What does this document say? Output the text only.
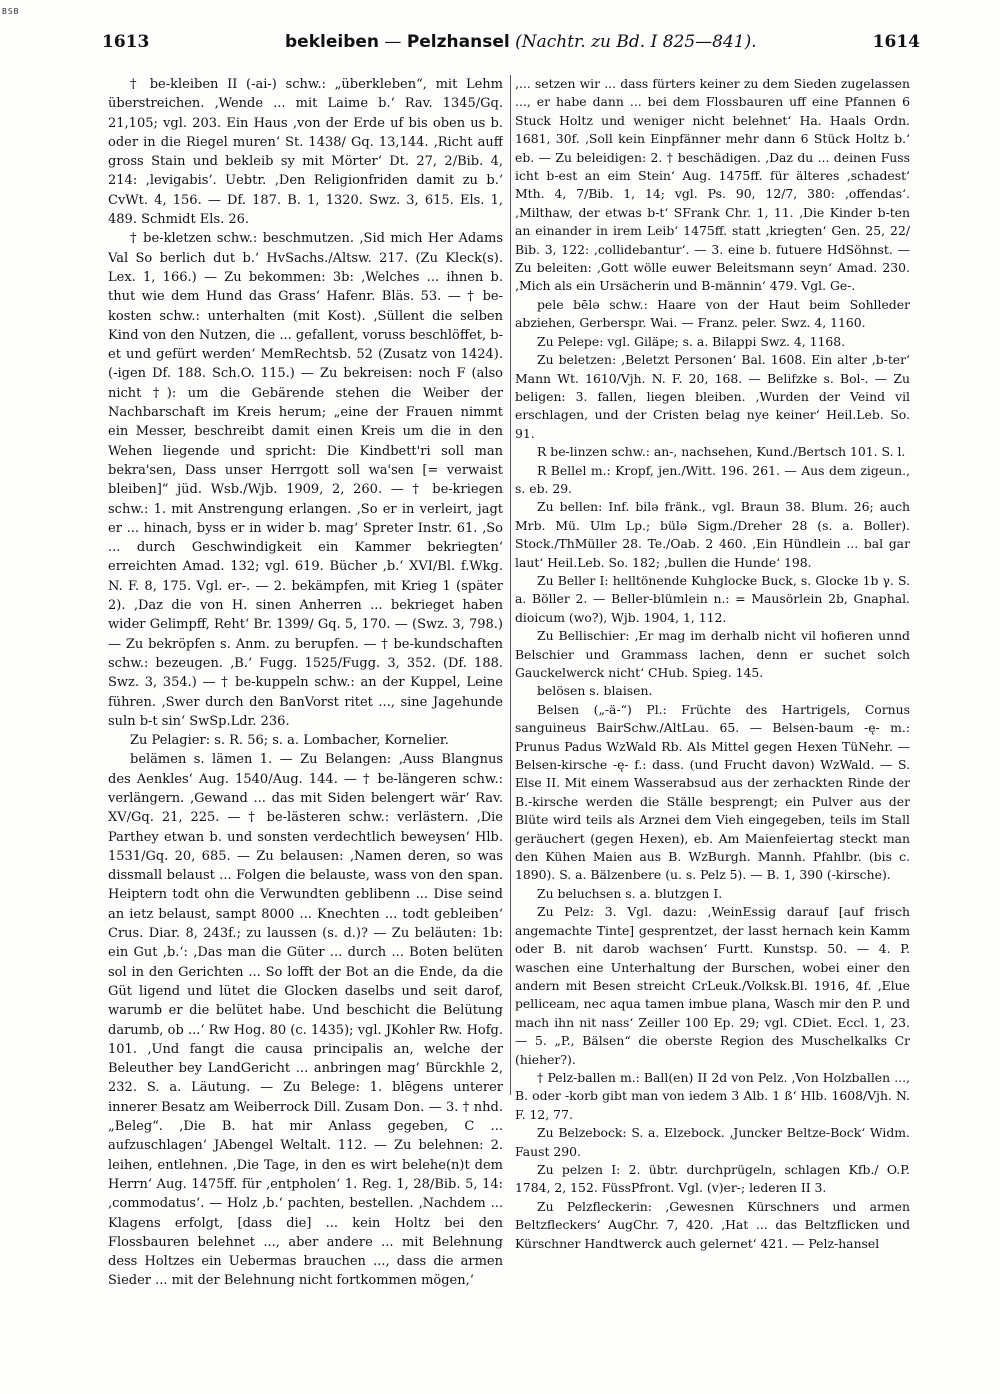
BSB
1613	bekleiben — Pelzhansel (Nachtr. zu Bd. I 825—841).	1614

† be-kleiben II (-ai-) schw.: „überkleben“, mit Lehm überstreichen. ‚Wende ... mit Laime b.‘ Rav. 1345/Gq. 21,105; vgl. 203. Ein Haus ‚von der Erde uf bis oben us b. oder in die Riegel muren‘ St. 1438/ Gq. 13,144. ‚Richt auff gross Stain und bekleib sy mit Mörter‘ Dt. 27, 2/Bib. 4, 214: ‚levigabis‘. Uebtr. ‚Den Religionfriden damit zu b.‘ CvWt. 4, 156. — Df. 187. B. 1, 1320. Swz. 3, 615. Els. 1, 489. Schmidt Els. 26.

† be-kletzen schw.: beschmutzen. ‚Sid mich Her Adams Val So berlich dut b.‘ HvSachs./Altsw. 217. (Zu Kleck(s). Lex. 1, 166.) — Zu bekommen: 3b: ‚Welches ... ihnen b. thut wie dem Hund das Grass‘ Hafenr. Bläs. 53. — † be-kosten schw.: unterhalten (mit Kost). ‚Süllent die selben Kind von den Nutzen, die ... gefallent, voruss beschlöffet, b-et und gefürt werden‘ MemRechtsb. 52 (Zusatz von 1424). (-igen Df. 188. Sch.O. 115.) — Zu bekreisen: noch F (also nicht †): um die Gebärende stehen die Weiber der Nachbarschaft im Kreis herum; „eine der Frauen nimmt ein Messer, beschreibt damit einen Kreis um die in den Wehen liegende und spricht: Die Kindbett'ri soll man bekra'sen, Dass unser Herrgott soll wa'sen [= verwaist bleiben]“ jüd. Wsb./Wjb. 1909, 2, 260. — † be-kriegen schw.: 1. mit Anstrengung erlangen. ‚So er in verleirt, jagt er ... hinach, byss er in wider b. mag‘ Spreter Instr. 61. ‚So ... durch Geschwindigkeit ein Kammer bekriegten‘ erreichten Amad. 132; vgl. 619. Bücher ‚b.‘ XVI/Bl. f.Wkg. N. F. 8, 175. Vgl. er-. — 2. bekämpfen, mit Krieg 1 (später 2). ‚Daz die von H. sinen Anherren ... bekrieget haben wider Gelimpff, Reht‘ Br. 1399/ Gq. 5, 170. — (Swz. 3, 798.) — Zu bekröpfen s. Anm. zu berupfen. — † be-kundschaften schw.: bezeugen. ‚B.‘ Fugg. 1525/Fugg. 3, 352. (Df. 188. Swz. 3, 354.) — † be-kuppeln schw.: an der Kuppel, Leine führen. ‚Swer durch den BanVorst ritet ..., sine Jagehunde suln b-t sin‘ SwSp.Ldr. 236.

Zu Pelagier: s. R. 56; s. a. Lombacher, Kornelier.

belämen s. lämen 1. — Zu Belangen: ‚Auss Blangnus des Aenkles‘ Aug. 1540/Aug. 144. — † be-längeren schw.: verlängern. ‚Gewand ... das mit Siden belengert wär‘ Rav. XV/Gq. 21, 225. — † be-lästeren schw.: verlästern. ‚Die Parthey etwan b. und sonsten verdechtlich beweysen‘ Hlb. 1531/Gq. 20, 685. — Zu belausen: ‚Namen deren, so was dissmall belaust ... Folgen die belauste, wass von den span. Heiptern todt ohn die Verwundten geblibenn ... Dise seind an ietz belaust, sampt 8000 ... Knechten ... todt gebleiben‘ Crus. Diar. 8, 243f.; zu laussen (s. d.)? — Zu beläuten: 1b: ein Gut ‚b.‘: ‚Das man die Güter ... durch ... Boten belüten sol in den Gerichten ... So lofft der Bot an die Ende, da die Güt ligend und lütet die Glocken daselbs und seit darof, warumb er die belütet habe. Und beschicht die Belütung darumb, ob ...‘ Rw Hog. 80 (c. 1435); vgl. JKohler Rw. Hofg. 101. ‚Und fangt die causa principalis an, welche der Beleuther bey LandGericht ... anbringen mag‘ Bürckhle 2, 232. S. a. Läutung. — Zu Belege: 1. blēgens unterer innerer Besatz am Weiberrock Dill. Zusam Don. — 3. † nhd. „Beleg“. ‚Die B. hat mir Anlass gegeben, C ... aufzuschlagen‘ JAbengel Weltalt. 112. — Zu belehnen: 2. leihen, entlehnen. ‚Die Tage, in den es wirt belehe(n)t dem Herrn‘ Aug. 1475ff. für ‚entpholen‘ 1. Reg. 1, 28/Bib. 5, 14: ‚commodatus‘. — Holz ‚b.‘ pachten, bestellen. ‚Nachdem ... Klagens erfolgt, [dass die] ... kein Holtz bei den Flossbauren belehnet ..., aber andere ... mit Belehnung dess Holtzes ein Uebermas brauchen ..., dass die armen Sieder ... mit der Belehnung nicht fortkommen mögen,‘

‚... setzen wir ... dass fürters keiner zu dem Sieden zugelassen ..., er habe dann ... bei dem Flossbauren uff eine Pfannen 6 Stuck Holtz und weniger nicht belehnet‘ Ha. Haals Ordn. 1681, 30f. ‚Soll kein Einpfänner mehr dann 6 Stück Holtz b.‘ eb. — Zu beleidigen: 2. † beschädigen. ‚Daz du ... deinen Fuss icht b-est an eim Stein‘ Aug. 1475ff. für älteres ‚schadest‘ Mth. 4, 7/Bib. 1, 14; vgl. Ps. 90, 12/7, 380: ‚offendas‘. ‚Milthaw, der etwas b-t‘ SFrank Chr. 1, 11. ‚Die Kinder b-ten an einander in irem Leib‘ 1475ff. statt ‚kriegten‘ Gen. 25, 22/ Bib. 3, 122: ‚collidebantur‘. — 3. eine b. futuere HdSöhnst. — Zu beleiten: ‚Gott wölle euwer Beleitsmann seyn‘ Amad. 230. ‚Mich als ein Ursächerin und B-männin‘ 479. Vgl. Ge-.

pele bēlə schw.: Haare von der Haut beim Sohlleder abziehen, Gerberspr. Wai. — Franz. peler. Swz. 4, 1160.

Zu Pelepe: vgl. Giläpe; s. a. Bilappi Swz. 4, 1168.

Zu beletzen: ‚Beletzt Personen‘ Bal. 1608. Ein alter ‚b-ter‘ Mann Wt. 1610/Vjh. N. F. 20, 168. — Belifzke s. Bol-. — Zu beligen: 3. fallen, liegen bleiben. ‚Wurden der Veind vil erschlagen, und der Cristen belag nye keiner‘ Heil.Leb. So. 91.

R be-linzen schw.: an-, nachsehen, Kund./Bertsch 101. S. l.

R Bellel m.: Kropf, jen./Witt. 196. 261. — Aus dem zigeun., s. eb. 29.

Zu bellen: Inf. bilə fränk., vgl. Braun 38. Blum. 26; auch Mrb. Mü. Ulm Lp.; bülə Sigm./Dreher 28 (s. a. Boller). Stock./ThMüller 28. Te./Oab. 2 460. ‚Ein Hündlein ... bal gar laut‘ Heil.Leb. So. 182; ‚bullen die Hunde‘ 198.

Zu Beller I: helltönende Kuhglocke Buck, s. Glocke 1b γ. S. a. Böller 2. — Beller-blümlein n.: = Mausörlein 2b, Gnaphal. dioicum (wo?), Wjb. 1904, 1, 112.

Zu Bellischier: ‚Er mag im derhalb nicht vil hofieren unnd Belschier und Grammass lachen, denn er suchet solch Gauckelwerck nicht‘ CHub. Spieg. 145.

belösen s. blaisen.

Belsen („-ä-“) Pl.: Früchte des Hartrigels, Cornus sanguineus BairSchw./AltLau. 65. — Belsen-baum -ę- m.: Prunus Padus WzWald Rb. Als Mittel gegen Hexen TüNehr. — Belsen-kirsche -ę- f.: dass. (und Frucht davon) WzWald. — S. Else II. Mit einem Wasserabsud aus der zerhackten Rinde der B.-kirsche werden die Ställe besprengt; ein Pulver aus der Blüte wird teils als Arznei dem Vieh eingegeben, teils im Stall geräuchert (gegen Hexen), eb. Am Maienfeiertag steckt man den Kühen Maien aus B. WzBurgh. Mannh. Pfahlbr. (bis c. 1890). S. a. Bälzenbere (u. s. Pelz 5). — B. 1, 390 (-kirsche).

Zu beluchsen s. a. blutzgen I.

Zu Pelz: 3. Vgl. dazu: ‚WeinEssig darauf [auf frisch angemachte Tinte] gesprentzet, der lasst hernach kein Kamm oder B. nit darob wachsen‘ Furtt. Kunstsp. 50. — 4. P. waschen eine Unterhaltung der Burschen, wobei einer den andern mit Besen streicht CrLeuk./Volksk.Bl. 1916, 4f. ‚Elue pelliceam, nec aqua tamen imbue plana, Wasch mir den P. und mach ihn nit nass‘ Zeiller 100 Ep. 29; vgl. CDiet. Eccl. 1, 23. — 5. „P., Bälsen“ die oberste Region des Muschelkalks Cr (hieher?).

† Pelz-ballen m.: Ball(en) II 2d von Pelz. ‚Von Holzballen ..., B. oder -korb gibt man von iedem 3 Alb. 1 ß‘ Hlb. 1608/Vjh. N. F. 12, 77.

Zu Belzebock: S. a. Elzebock. ‚Juncker Beltze-Bock‘ Widm. Faust 290.

Zu pelzen I: 2. übtr. durchprügeln, schlagen Kfb./ O.P. 1784, 2, 152. FüssPfront. Vgl. (v)er-; lederen II 3.

Zu Pelzfleckerin: ‚Gewesnen Kürschners und armen Beltzfleckers‘ AugChr. 7, 420. ‚Hat ... das Beltzflicken und Kürschner Handtwerck auch gelernet‘ 421. — Pelz-hansel
